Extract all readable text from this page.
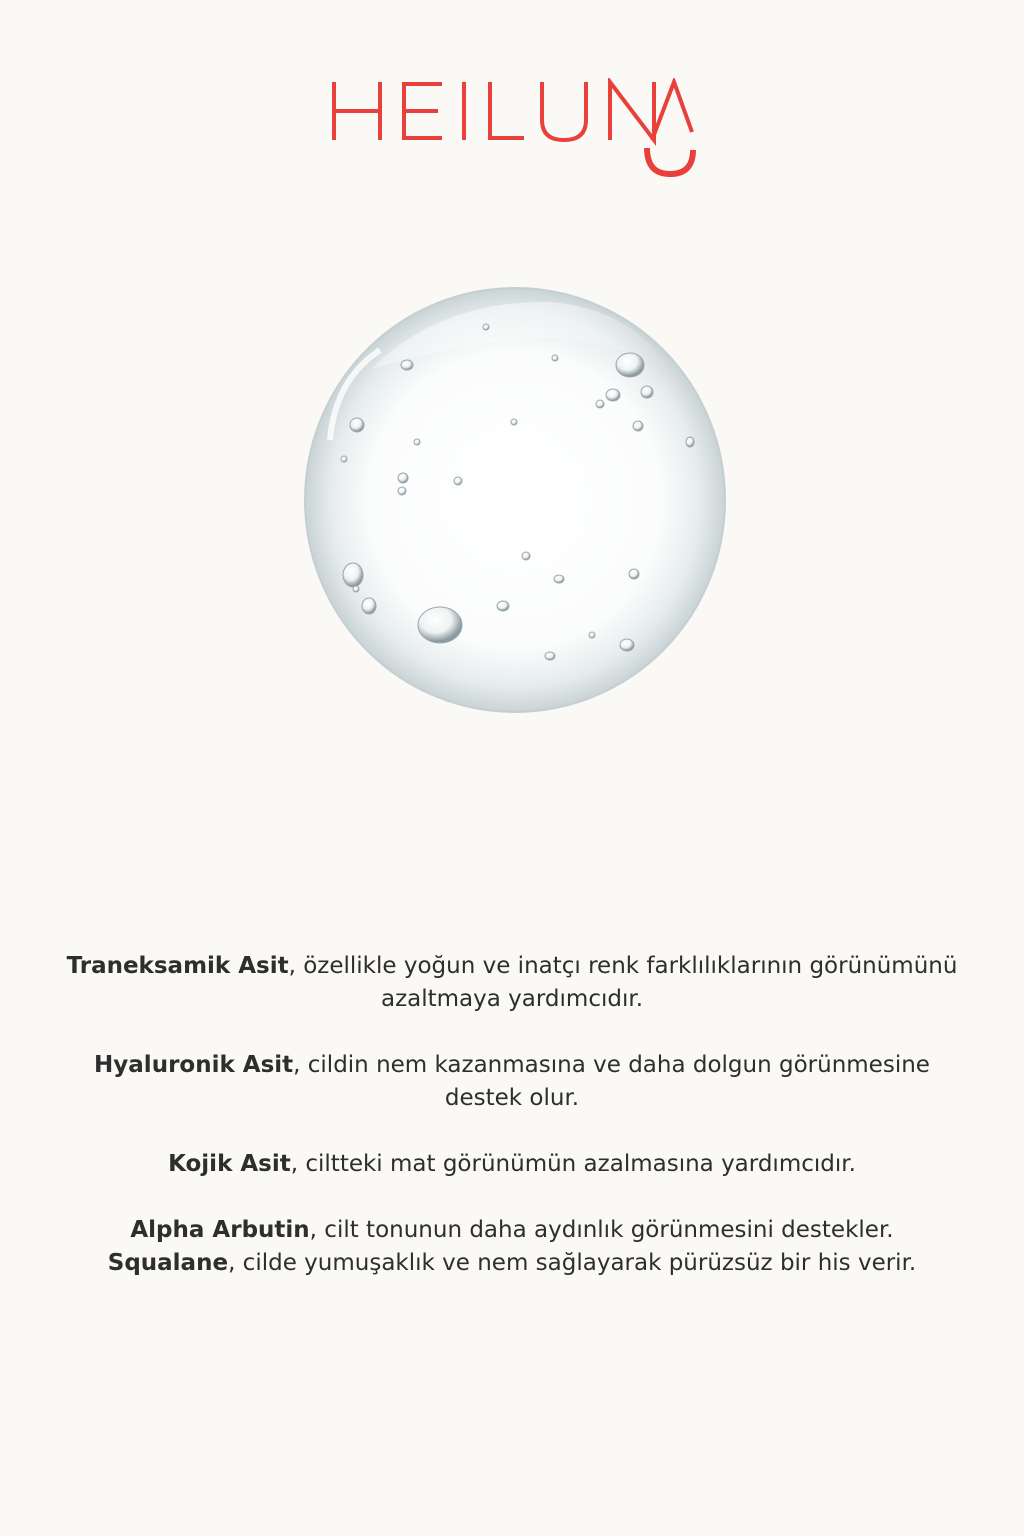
Traneksamik Asit, özellikle yoğun ve inatçı renk farklılıklarının görünümünü azaltmaya yardımcıdır.

Hyaluronik Asit, cildin nem kazanmasına ve daha dolgun görünmesine destek olur.

Kojik Asit, ciltteki mat görünümün azalmasına yardımcıdır.

Alpha Arbutin, cilt tonunun daha aydınlık görünmesini destekler.

Squalane, cilde yumuşaklık ve nem sağlayarak pürüzsüz bir his verir.
